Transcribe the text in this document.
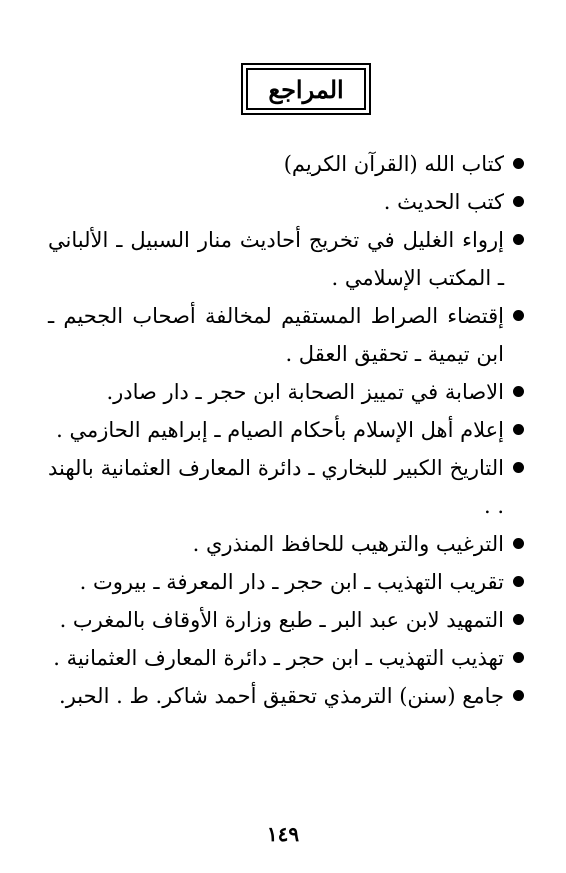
المراجع
كتاب الله (القرآن الكريم)
كتب الحديث .
إرواء الغليل في تخريج أحاديث منار السبيل ـ الألباني ـ المكتب الإسلامي .
إقتضاء الصراط المستقيم لمخالفة أصحاب الجحيم ـ ابن تيمية ـ تحقيق العقل .
الاصابة في تمييز الصحابة ابن حجر ـ دار صادر.
إعلام أهل الإسلام بأحكام الصيام ـ إبراهيم الحازمي .
التاريخ الكبير للبخاري ـ دائرة المعارف العثمانية بالهند . .
الترغيب والترهيب للحافظ المنذري .
تقريب التهذيب ـ ابن حجر ـ دار المعرفة ـ بيروت .
التمهيد لابن عبد البر ـ طبع وزارة الأوقاف بالمغرب .
تهذيب التهذيب ـ ابن حجر ـ دائرة المعارف العثمانية .
جامع (سنن) الترمذي تحقيق أحمد شاكر. ط . الحبر.
١٤٩
